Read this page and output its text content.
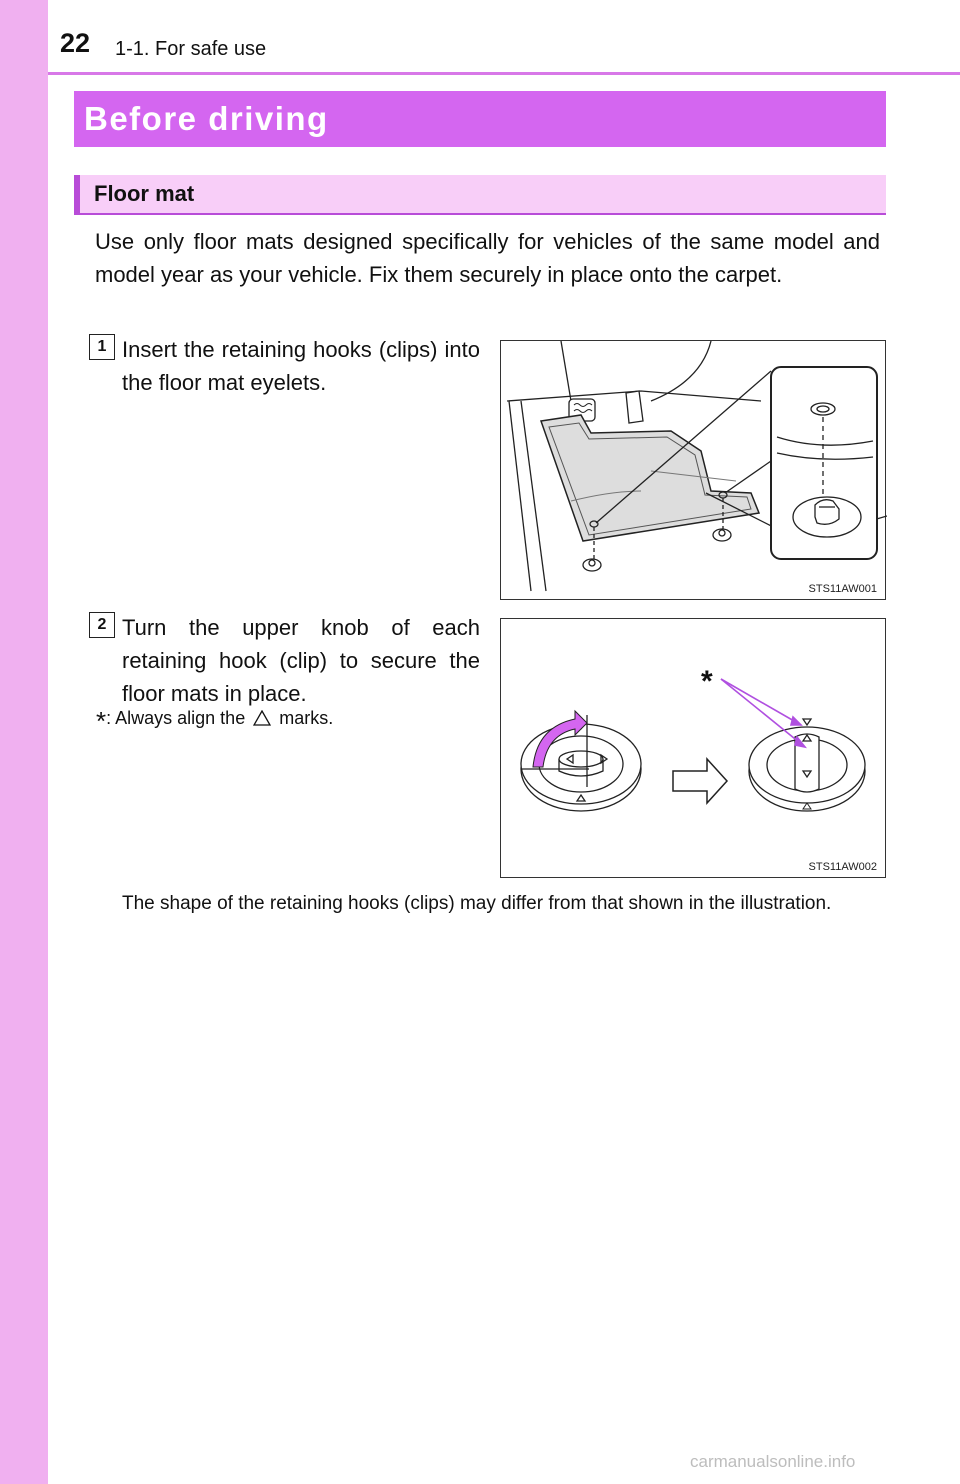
22 1-1. For safe use
Before driving
Floor mat

Use only floor mats designed specifically for vehicles of the same model and model year as your vehicle. Fix them securely in place onto the carpet.

1 Insert the retaining hooks (clips) into the floor mat eyelets.

STS11AW001
2 Turn the upper knob of each retaining hook (clip) to secure the floor mats in place.

*: Always align the marks.
*
STS11AW002

The shape of the retaining hooks (clips) may differ from that shown in the illustration.

carmanualsonline.info
